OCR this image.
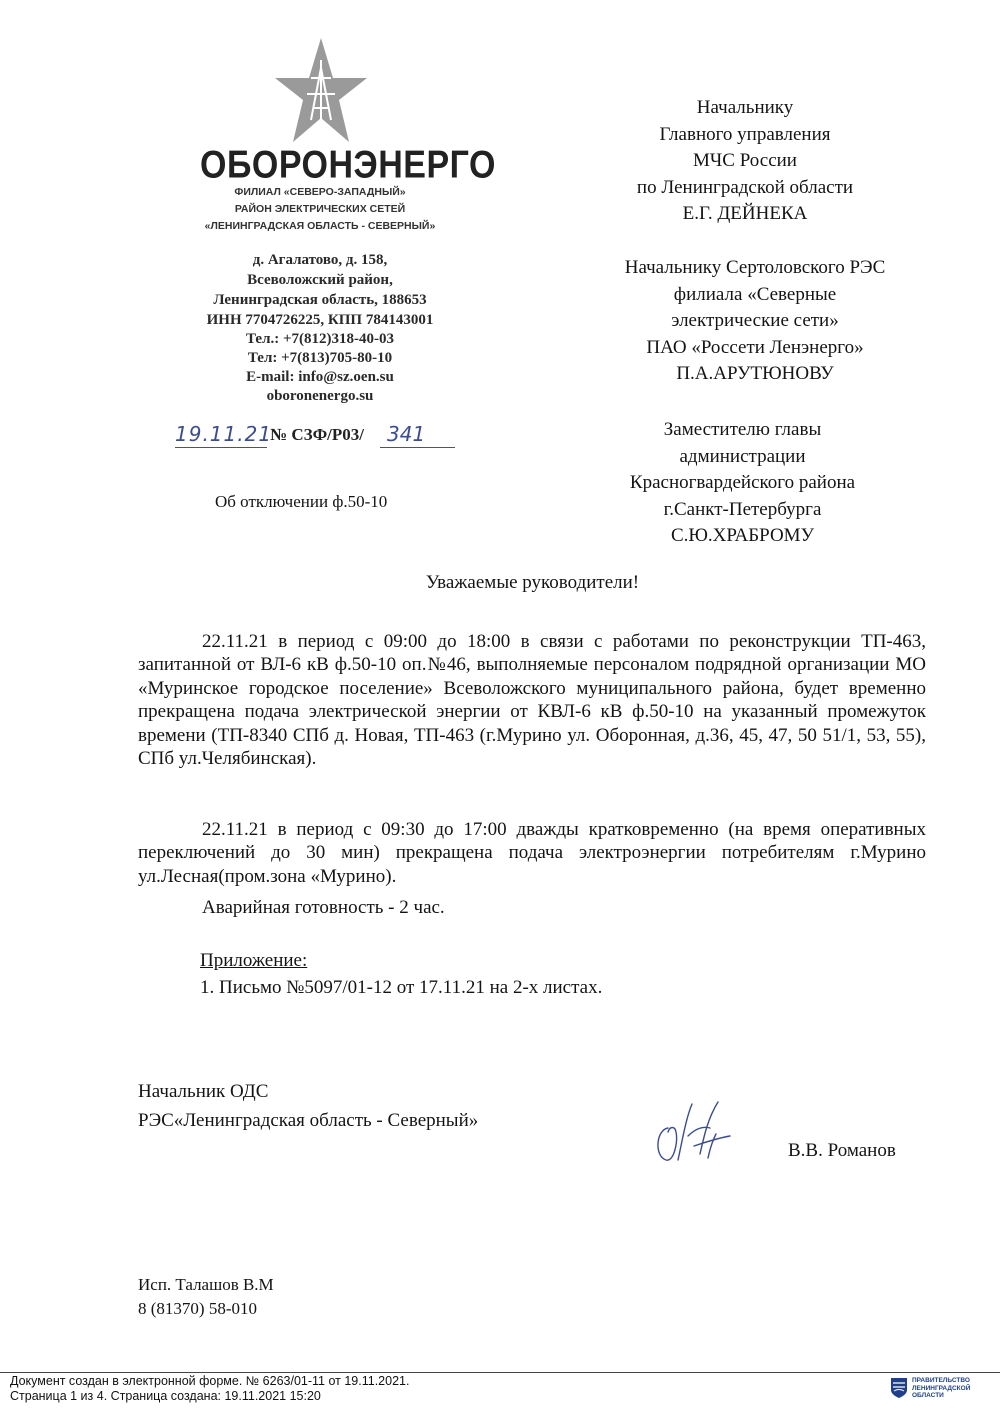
ОБОРОНЭНЕРГО
ФИЛИАЛ «СЕВЕРО-ЗАПАДНЫЙ»
РАЙОН ЭЛЕКТРИЧЕСКИХ СЕТЕЙ
«ЛЕНИНГРАДСКАЯ ОБЛАСТЬ - СЕВЕРНЫЙ»
д. Агалатово, д. 158,
Всеволожский район,
Ленинградская область, 188653
ИНН 7704726225, КПП 784143001
Тел.: +7(812)318-40-03
Тел: +7(813)705-80-10
E-mail: info@sz.oen.su
oboronenergo.su
19.11.21
№ СЗФ/Р03/ 341
Об отключении ф.50-10
Начальнику
Главного управления
МЧС России
по Ленинградской области
Е.Г. ДЕЙНЕКА
Начальнику Сертоловского РЭС
филиала «Северные
электрические сети»
ПАО «Россети Ленэнерго»
П.А.АРУТЮНОВУ
Заместителю главы
администрации
Красногвардейского района
г.Санкт-Петербурга
С.Ю.ХРАБРОМУ
Уважаемые руководители!
22.11.21 в период с 09:00 до 18:00 в связи с работами по реконструкции ТП-463, запитанной от ВЛ-6 кВ ф.50-10 оп.№46, выполняемые персоналом подрядной организации МО «Муринское городское поселение» Всеволожского муниципального района, будет временно прекращена подача электрической энергии от КВЛ-6 кВ ф.50-10 на указанный промежуток времени (ТП-8340 СПб д. Новая, ТП-463 (г.Мурино ул. Оборонная, д.36, 45, 47, 50 51/1, 53, 55), СПб ул.Челябинская).
22.11.21 в период с 09:30 до 17:00 дважды кратковременно (на время оперативных переключений до 30 мин) прекращена подача электроэнергии потребителям г.Мурино ул.Лесная(пром.зона «Мурино).
Аварийная готовность - 2 час.
Приложение:
1. Письмо №5097/01-12 от 17.11.21 на 2-х листах.
Начальник ОДС
РЭС«Ленинградская область - Северный»
В.В. Романов
Исп. Талашов В.М
8 (81370) 58-010
Документ создан в электронной форме. № 6263/01-11 от 19.11.2021.
Страница 1 из 4. Страница создана: 19.11.2021 15:20
ПРАВИТЕЛЬСТВО
ЛЕНИНГРАДСКОЙ
ОБЛАСТИ
